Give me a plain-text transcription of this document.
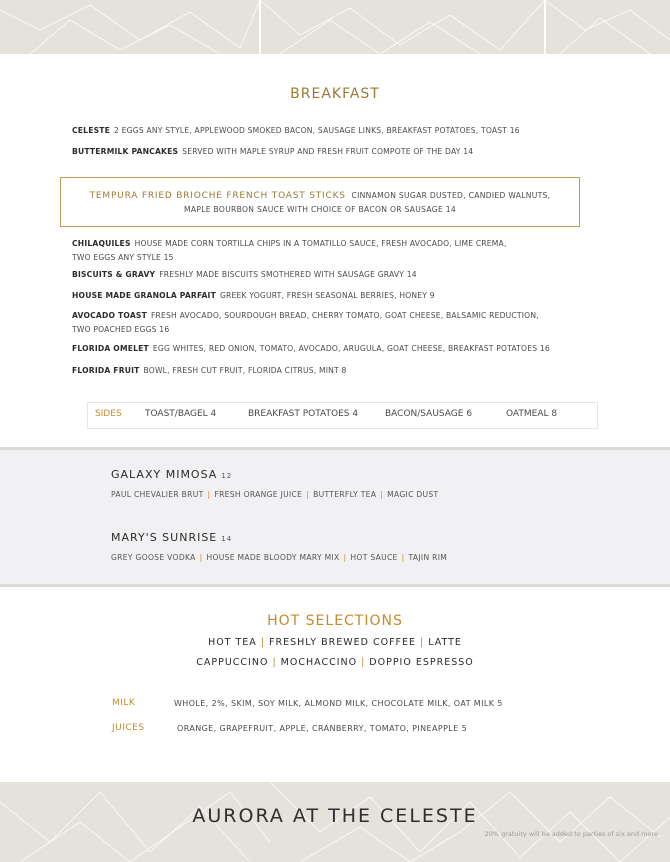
BREAKFAST
CELESTE 2 EGGS ANY STYLE, APPLEWOOD SMOKED BACON, SAUSAGE LINKS, BREAKFAST POTATOES, TOAST 16
BUTTERMILK PANCAKES SERVED WITH MAPLE SYRUP AND FRESH FRUIT COMPOTE OF THE DAY 14
TEMPURA FRIED BRIOCHE FRENCH TOAST STICKS CINNAMON SUGAR DUSTED, CANDIED WALNUTS,
MAPLE BOURBON SAUCE WITH CHOICE OF BACON OR SAUSAGE 14
CHILAQUILES HOUSE MADE CORN TORTILLA CHIPS IN A TOMATILLO SAUCE, FRESH AVOCADO, LIME CREMA,
TWO EGGS ANY STYLE 15
BISCUITS & GRAVY FRESHLY MADE BISCUITS SMOTHERED WITH SAUSAGE GRAVY 14
HOUSE MADE GRANOLA PARFAIT GREEK YOGURT, FRESH SEASONAL BERRIES, HONEY 9
AVOCADO TOAST FRESH AVOCADO, SOURDOUGH BREAD, CHERRY TOMATO, GOAT CHEESE, BALSAMIC REDUCTION,
TWO POACHED EGGS 16
FLORIDA OMELET EGG WHITES, RED ONION, TOMATO, AVOCADO, ARUGULA, GOAT CHEESE, BREAKFAST POTATOES 16
FLORIDA FRUIT BOWL, FRESH CUT FRUIT, FLORIDA CITRUS, MINT 8
SIDES	TOAST/BAGEL 4	BREAKFAST POTATOES 4	BACON/SAUSAGE 6	OATMEAL 8
GALAXY MIMOSA 12
PAUL CHEVALIER BRUT | FRESH ORANGE JUICE | BUTTERFLY TEA | MAGIC DUST
MARY'S SUNRISE 14
GREY GOOSE VODKA | HOUSE MADE BLOODY MARY MIX | HOT SAUCE | TAJIN RIM
HOT SELECTIONS
HOT TEA | FRESHLY BREWED COFFEE | LATTE
CAPPUCCINO | MOCHACCINO | DOPPIO ESPRESSO
MILK	WHOLE, 2%, SKIM, SOY MILK, ALMOND MILK, CHOCOLATE MILK, OAT MILK 5
JUICES	ORANGE, GRAPEFRUIT, APPLE, CRANBERRY, TOMATO, PINEAPPLE 5
AURORA AT THE CELESTE
20% gratuity will be added to parties of six and more
